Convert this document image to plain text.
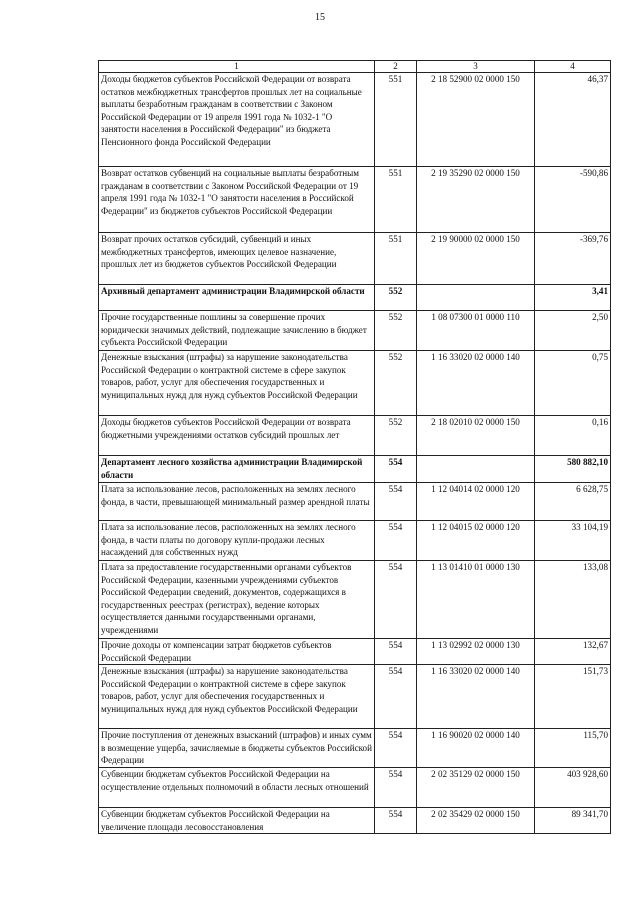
15
1	2	3	4
Доходы бюджетов субъектов Российской Федерации от возврата остатков межбюджетных трансфертов прошлых лет на социальные выплаты безработным гражданам в соответствии с Законом Российской Федерации от 19 апреля 1991 года № 1032-1 "О занятости населения в Российской Федерации" из бюджета Пенсионного фонда Российской Федерации	551	2 18 52900 02 0000 150	46,37
Возврат остатков субвенций на социальные выплаты безработным гражданам в соответствии с Законом Российской Федерации от 19 апреля 1991 года № 1032-1 "О занятости населения в Российской Федерации" из бюджетов субъектов Российской Федерации	551	2 19 35290 02 0000 150	-590,86
Возврат прочих остатков субсидий, субвенций и иных межбюджетных трансфертов, имеющих целевое назначение, прошлых лет из бюджетов субъектов Российской Федерации	551	2 19 90000 02 0000 150	-369,76
Архивный департамент администрации Владимирской области	552		3,41
Прочие государственные пошлины за совершение прочих юридически значимых действий, подлежащие зачислению в бюджет субъекта Российской Федерации	552	1 08 07300 01 0000 110	2,50
Денежные взыскания (штрафы) за нарушение законодательства Российской Федерации о контрактной системе в сфере закупок товаров, работ, услуг для обеспечения государственных и муниципальных нужд для нужд субъектов Российской Федерации	552	1 16 33020 02 0000 140	0,75
Доходы бюджетов субъектов Российской Федерации от возврата бюджетными учреждениями остатков субсидий прошлых лет	552	2 18 02010 02 0000 150	0,16
Департамент лесного хозяйства администрации Владимирской области	554		580 882,10
Плата за использование лесов, расположенных на землях лесного фонда, в части, превышающей минимальный размер арендной платы	554	1 12 04014 02 0000 120	6 628,75
Плата за использование лесов, расположенных на землях лесного фонда, в части платы по договору купли-продажи лесных насаждений для собственных нужд	554	1 12 04015 02 0000 120	33 104,19
Плата за предоставление государственными органами субъектов Российской Федерации, казенными учреждениями субъектов Российской Федерации сведений, документов, содержащихся в государственных реестрах (регистрах), ведение которых осуществляется данными государственными органами, учреждениями	554	1 13 01410 01 0000 130	133,08
Прочие доходы от компенсации затрат бюджетов субъектов Российской Федерации	554	1 13 02992 02 0000 130	132,67
Денежные взыскания (штрафы) за нарушение законодательства Российской Федерации о контрактной системе в сфере закупок товаров, работ, услуг для обеспечения государственных и муниципальных нужд для нужд субъектов Российской Федерации	554	1 16 33020 02 0000 140	151,73
Прочие поступления от денежных взысканий (штрафов) и иных сумм в возмещение ущерба, зачисляемые в бюджеты субъектов Российской Федерации	554	1 16 90020 02 0000 140	115,70
Субвенции бюджетам субъектов Российской Федерации на осуществление отдельных полномочий в области лесных отношений	554	2 02 35129 02 0000 150	403 928,60
Субвенции бюджетам субъектов Российской Федерации на увеличение площади лесовосстановления	554	2 02 35429 02 0000 150	89 341,70
